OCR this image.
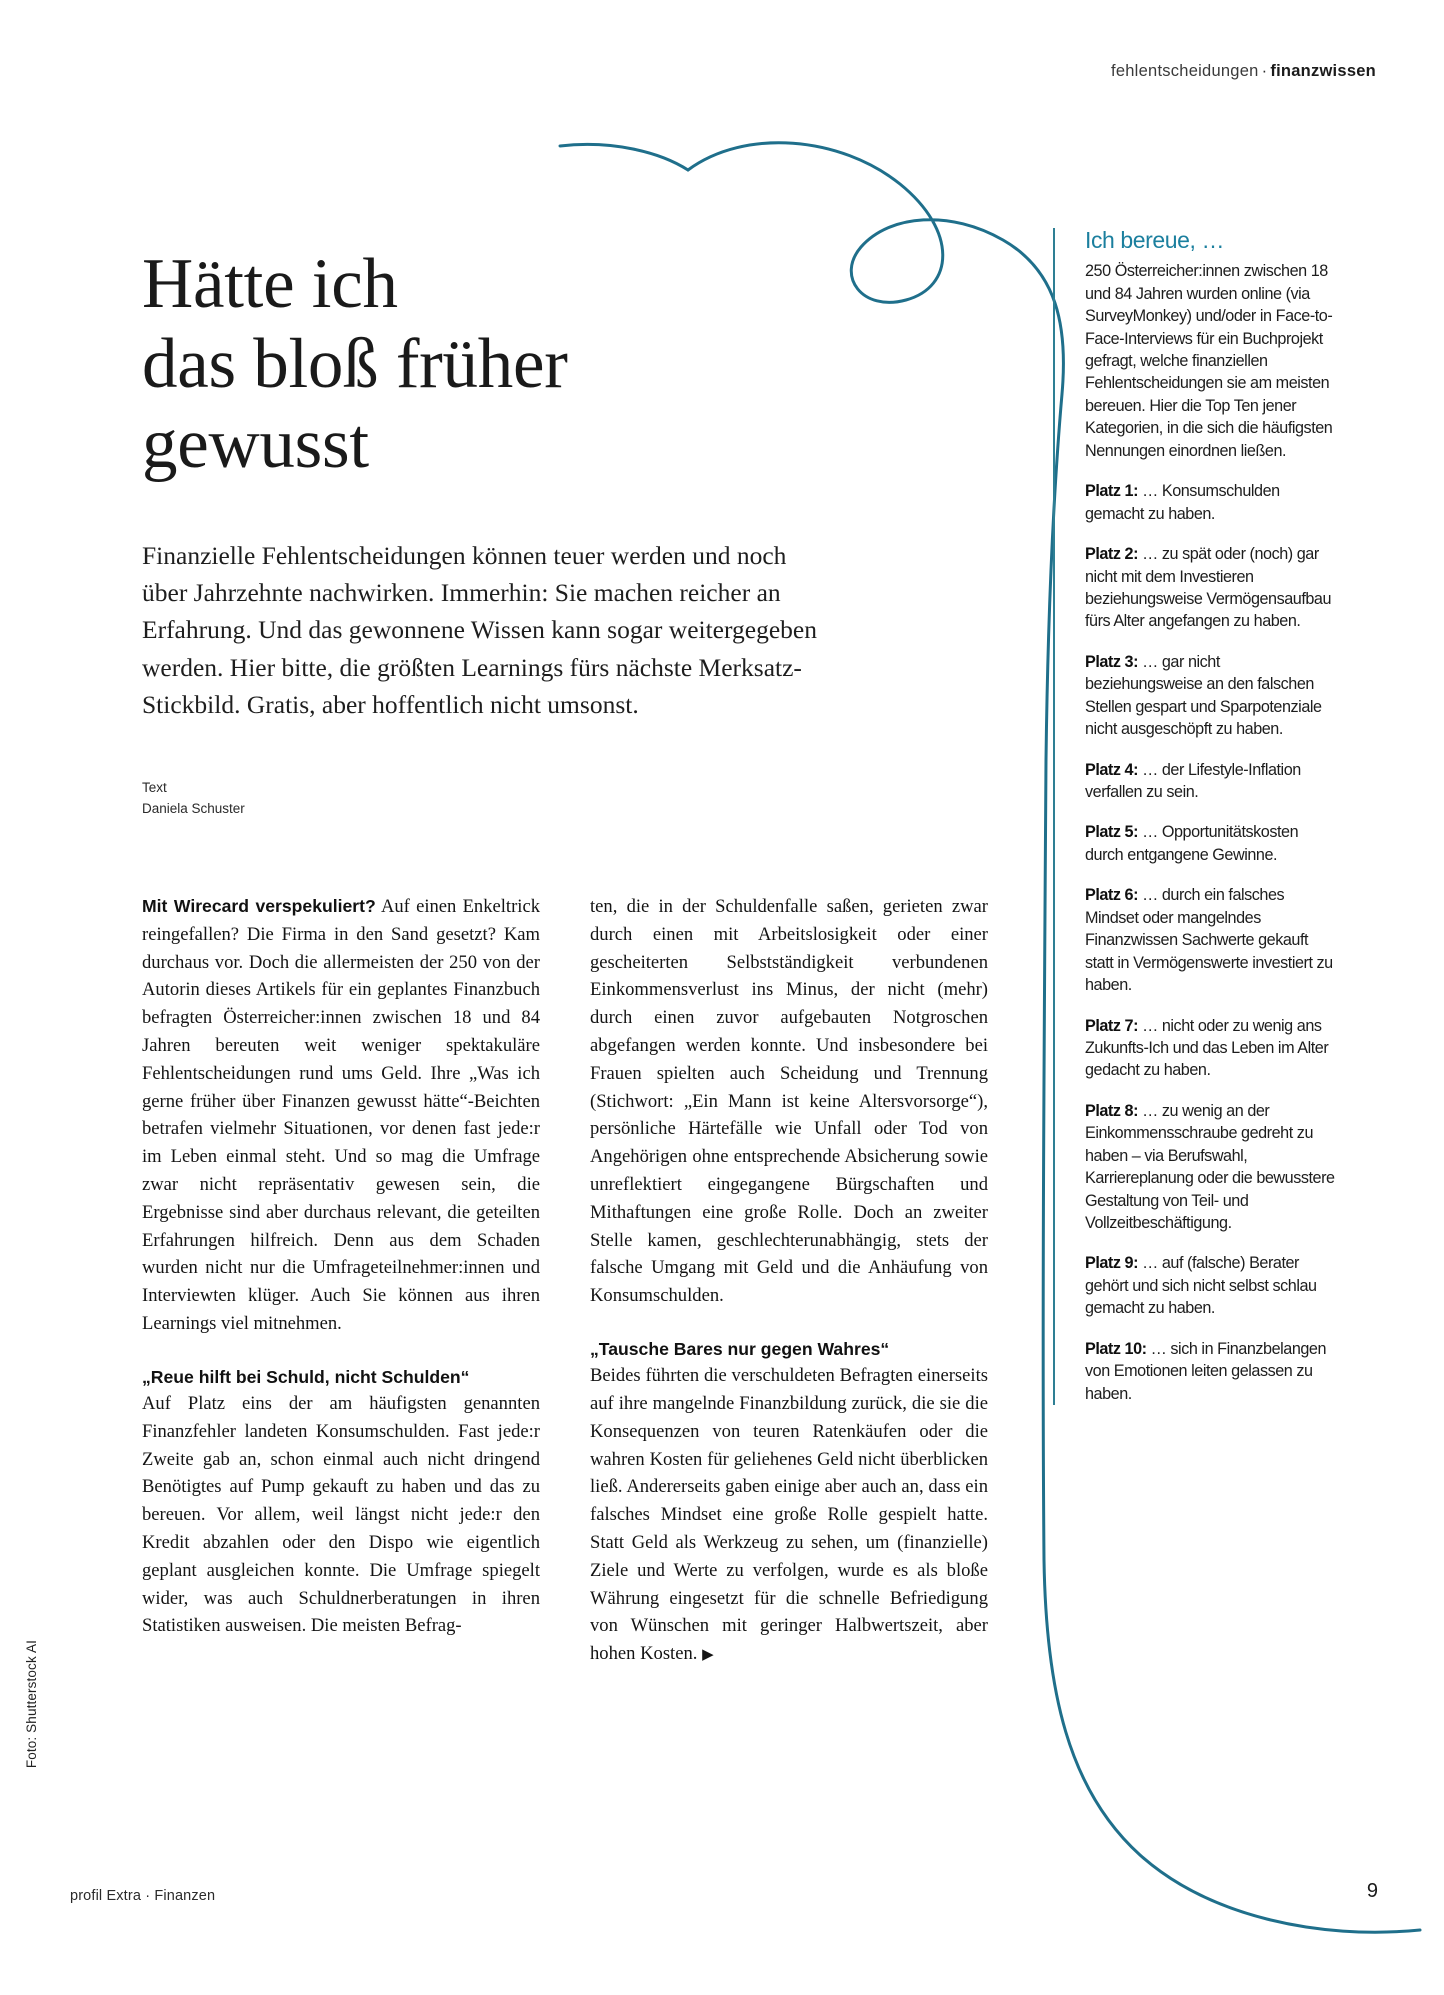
fehlentscheidungen · finanzwissen
Hätte ich
das bloß früher
gewusst
Finanzielle Fehlentscheidungen können teuer werden und noch über Jahrzehnte nachwirken. Immerhin: Sie machen reicher an Erfahrung. Und das gewonnene Wissen kann sogar weitergegeben werden. Hier bitte, die größten Learnings fürs nächste Merksatz-Stickbild. Gratis, aber hoffentlich nicht umsonst.
Text
Daniela Schuster

Mit Wirecard verspekuliert? Auf einen Enkeltrick reingefallen? Die Firma in den Sand gesetzt? Kam durchaus vor. Doch die allermeisten der 250 von der Autorin dieses Artikels für ein geplantes Finanzbuch befragten Österreicher:innen zwischen 18 und 84 Jahren bereuten weit weniger spektakuläre Fehlentscheidungen rund ums Geld. Ihre „Was ich gerne früher über Finanzen gewusst hätte“-Beichten betrafen vielmehr Situationen, vor denen fast jede:r im Leben einmal steht. Und so mag die Umfrage zwar nicht repräsentativ gewesen sein, die Ergebnisse sind aber durchaus relevant, die geteilten Erfahrungen hilfreich. Denn aus dem Schaden wurden nicht nur die Umfrageteilnehmer:innen und Interviewten klüger. Auch Sie können aus ihren Learnings viel mitnehmen.

„Reue hilft bei Schuld, nicht Schulden“

Auf Platz eins der am häufigsten genannten Finanzfehler landeten Konsumschulden. Fast jede:r Zweite gab an, schon einmal auch nicht dringend Benötigtes auf Pump gekauft zu haben und das zu bereuen. Vor allem, weil längst nicht jede:r den Kredit abzahlen oder den Dispo wie eigentlich geplant ausgleichen konnte. Die Umfrage spiegelt wider, was auch Schuldnerberatungen in ihren Statistiken ausweisen. Die meisten Befrag-

ten, die in der Schuldenfalle saßen, gerieten zwar durch einen mit Arbeitslosigkeit oder einer gescheiterten Selbstständigkeit verbundenen Einkommensverlust ins Minus, der nicht (mehr) durch einen zuvor aufgebauten Notgroschen abgefangen werden konnte. Und insbesondere bei Frauen spielten auch Scheidung und Trennung (Stichwort: „Ein Mann ist keine Altersvorsorge“), persönliche Härtefälle wie Unfall oder Tod von Angehörigen ohne entsprechende Absicherung sowie unreflektiert eingegangene Bürgschaften und Mithaftungen eine große Rolle. Doch an zweiter Stelle kamen, geschlechterunabhängig, stets der falsche Umgang mit Geld und die Anhäufung von Konsumschulden.

„Tausche Bares nur gegen Wahres“

Beides führten die verschuldeten Befragten einerseits auf ihre mangelnde Finanzbildung zurück, die sie die Konsequenzen von teuren Ratenkäufen oder die wahren Kosten für geliehenes Geld nicht überblicken ließ. Andererseits gaben einige aber auch an, dass ein falsches Mindset eine große Rolle gespielt hatte. Statt Geld als Werkzeug zu sehen, um (finanzielle) Ziele und Werte zu verfolgen, wurde es als bloße Währung eingesetzt für die schnelle Befriedigung von Wünschen mit geringer Halbwertszeit, aber hohen Kosten. ▶

Ich bereue, …

250 Österreicher:innen zwischen 18 und 84 Jahren wurden online (via SurveyMonkey) und/oder in Face-to-Face-Interviews für ein Buchprojekt gefragt, welche finanziellen Fehlentscheidungen sie am meisten bereuen. Hier die Top Ten jener Kategorien, in die sich die häufigsten Nennungen einordnen ließen.

Platz 1: … Konsumschulden gemacht zu haben.

Platz 2: … zu spät oder (noch) gar nicht mit dem Investieren beziehungsweise Vermögensaufbau fürs Alter angefangen zu haben.

Platz 3: … gar nicht beziehungsweise an den falschen Stellen gespart und Sparpotenziale nicht ausgeschöpft zu haben.

Platz 4: … der Lifestyle-Inflation verfallen zu sein.

Platz 5: … Opportunitätskosten durch entgangene Gewinne.

Platz 6: … durch ein falsches Mindset oder mangelndes Finanzwissen Sachwerte gekauft statt in Vermögenswerte investiert zu haben.

Platz 7: … nicht oder zu wenig ans Zukunfts-Ich und das Leben im Alter gedacht zu haben.

Platz 8: … zu wenig an der Einkommensschraube gedreht zu haben – via Berufswahl, Karriereplanung oder die bewusstere Gestaltung von Teil- und Vollzeitbeschäftigung.

Platz 9: … auf (falsche) Berater gehört und sich nicht selbst schlau gemacht zu haben.

Platz 10: … sich in Finanzbelangen von Emotionen leiten gelassen zu haben.

Foto: Shutterstock AI
profil Extra · Finanzen	9
